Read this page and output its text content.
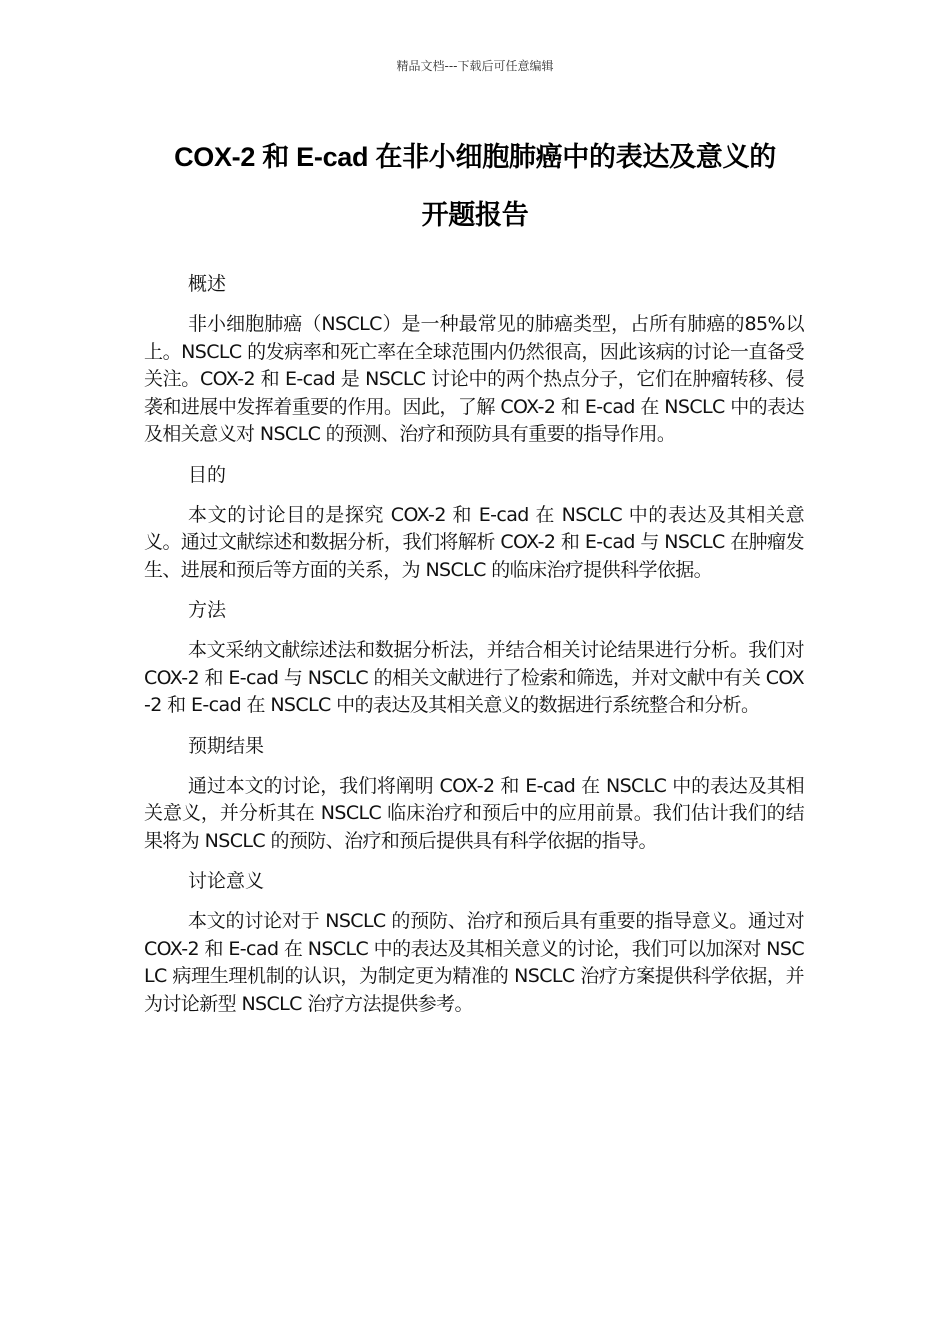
精品文档---下载后可任意编辑
COX-2 和 E-cad 在非小细胞肺癌中的表达及意义的
开题报告
概述

非小细胞肺癌（NSCLC）是一种最常见的肺癌类型，占所有肺癌的85%以上。NSCLC 的发病率和死亡率在全球范围内仍然很高，因此该病的讨论一直备受关注。COX-2 和 E-cad 是 NSCLC 讨论中的两个热点分子，它们在肿瘤转移、侵袭和进展中发挥着重要的作用。因此，了解 COX-2 和 E-cad 在 NSCLC 中的表达及相关意义对 NSCLC 的预测、治疗和预防具有重要的指导作用。

目的

本文的讨论目的是探究 COX-2 和 E-cad 在 NSCLC 中的表达及其相关意义。通过文献综述和数据分析，我们将解析 COX-2 和 E-cad 与 NSCLC 在肿瘤发生、进展和预后等方面的关系，为 NSCLC 的临床治疗提供科学依据。

方法

本文采纳文献综述法和数据分析法，并结合相关讨论结果进行分析。我们对 COX-2 和 E-cad 与 NSCLC 的相关文献进行了检索和筛选，并对文献中有关 COX-2 和 E-cad 在 NSCLC 中的表达及其相关意义的数据进行系统整合和分析。

预期结果

通过本文的讨论，我们将阐明 COX-2 和 E-cad 在 NSCLC 中的表达及其相关意义，并分析其在 NSCLC 临床治疗和预后中的应用前景。我们估计我们的结果将为 NSCLC 的预防、治疗和预后提供具有科学依据的指导。

讨论意义

本文的讨论对于 NSCLC 的预防、治疗和预后具有重要的指导意义。通过对 COX-2 和 E-cad 在 NSCLC 中的表达及其相关意义的讨论，我们可以加深对 NSCLC 病理生理机制的认识，为制定更为精准的 NSCLC 治疗方案提供科学依据，并为讨论新型 NSCLC 治疗方法提供参考。
